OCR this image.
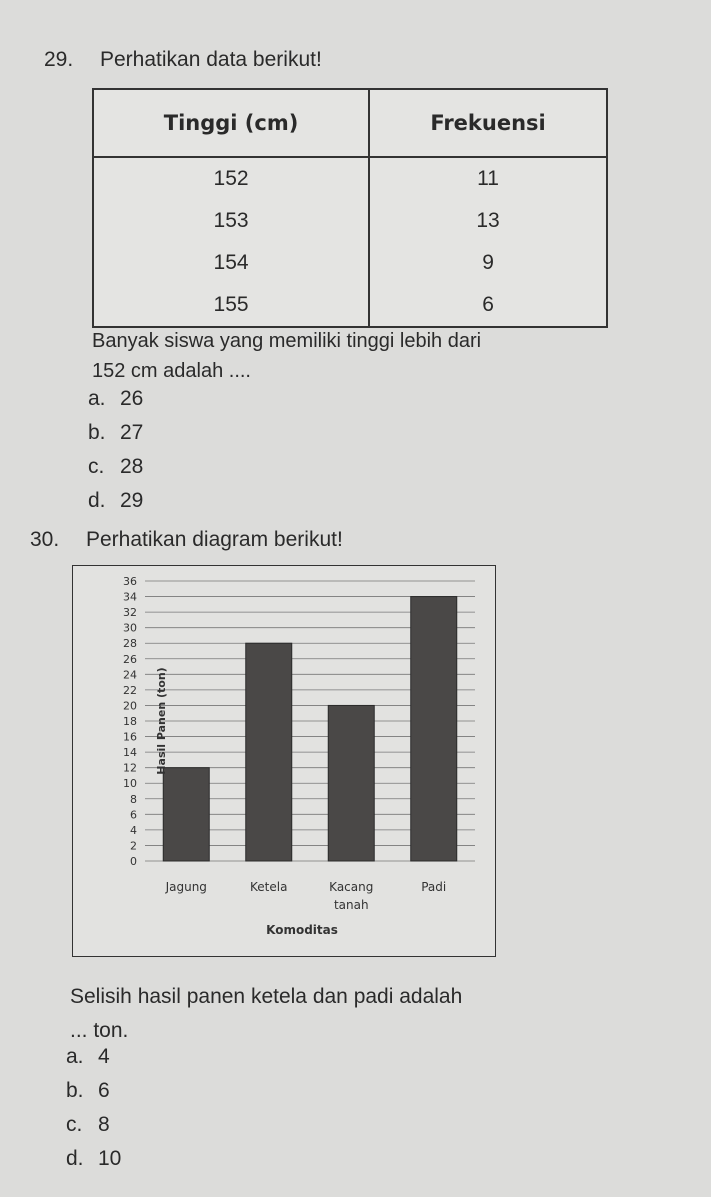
29. Perhatikan data berikut!
Tinggi (cm)	Frekuensi
152	11
153	13
154	9
155	6
Banyak siswa yang memiliki tinggi lebih dari
152 cm adalah ....
a. 26
b. 27
c. 28
d. 29
30. Perhatikan diagram berikut!
0
2
4
6
8
10
12
14
16
18
20
22
24
26
28
30
32
34
36
Jagung	Ketela	Kacang
tanah
Padi
Hasil Panen (ton)
Komoditas
Selisih hasil panen ketela dan padi adalah
... ton.
a. 4
b. 6
c. 8
d. 10
